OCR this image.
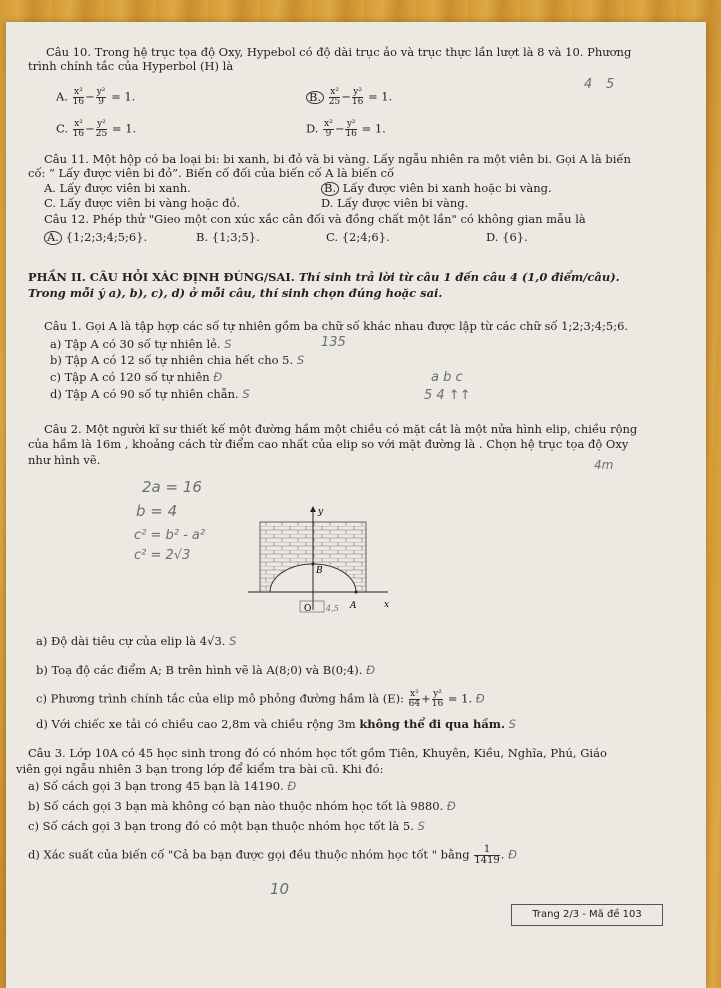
Câu 10. Trong hệ trục tọa độ Oxy, Hypebol có độ dài trục ảo và trục thực lần lượt là 8 và 10. Phương
trình chính tắc của Hyperbol (H) là
4 5
A. $\frac{\text{x²}}{16} - \frac{\text{y²}}{9} = 1$.	B. $\frac{\text{x²}}{25} - \frac{\text{y²}}{16} = 1$.
C. $\frac{\text{x²}}{16} - \frac{\text{y²}}{25} = 1$.	D. $\frac{\text{x²}}{9} - \frac{\text{y²}}{16} = 1$.
Câu 11. Một hộp có ba loại bi: bi xanh, bi đỏ và bi vàng. Lấy ngẫu nhiên ra một viên bi. Gọi A là biến
cố: “ Lấy được viên bi đỏ”. Biến cố đối của biến cố A là biến cố
A. Lấy được viên bi xanh.	B. Lấy được viên bi xanh hoặc bi vàng.
C. Lấy được viên bi vàng hoặc đỏ.	D. Lấy được viên bi vàng.
Câu 12. Phép thử "Gieo một con xúc xắc cân đối và đồng chất một lần" có không gian mẫu là
A. {1;2;3;4;5;6}.	B. {1;3;5}.	C. {2;4;6}.	D. {6}.
PHẦN II. CÂU HỎI XÁC ĐỊNH ĐÚNG/SAI. Thí sinh trả lời từ câu 1 đến câu 4 (1,0 điểm/câu).
Trong mỗi ý a), b), c), d) ở mỗi câu, thí sinh chọn đúng hoặc sai.
Câu 1. Gọi A là tập hợp các số tự nhiên gồm ba chữ số khác nhau được lập từ các chữ số 1;2;3;4;5;6.
a) Tập A có 30 số tự nhiên lẻ. S	135
b) Tập A có 12 số tự nhiên chia hết cho 5. S
c) Tập A có 120 số tự nhiên Đ	a b c
d) Tập A có 90 số tự nhiên chẵn. S	5 4 ↑↑
Câu 2. Một người kĩ sư thiết kế một đường hầm một chiều có mặt cắt là một nửa hình elip, chiều rộng
của hầm là 16m , khoảng cách từ điểm cao nhất của elip so với mặt đường là . Chọn hệ trục tọa độ Oxy
như hình vẽ.	4m
2a = 16
b = 4
c² = b² - a²
c² = 2√3
y
x
O	A
B
4,5
a) Độ dài tiêu cự của elip là 4√3. S
b) Toạ độ các điểm A; B trên hình vẽ là A(8;0) và B(0;4). Đ
c) Phương trình chính tắc của elip mô phỏng đường hầm là (E): $\frac{\text{x²}}{64} + \frac{\text{y²}}{16} = 1$. Đ
d) Với chiếc xe tải có chiều cao 2,8m và chiều rộng 3m không thể đi qua hầm. S
Câu 3. Lớp 10A có 45 học sinh trong đó có nhóm học tốt gồm Tiên, Khuyên, Kiều, Nghĩa, Phú, Giáo
viên gọi ngẫu nhiên 3 bạn trong lớp để kiểm tra bài cũ. Khi đó:
a) Số cách gọi 3 bạn trong 45 bạn là 14190. Đ
b) Số cách gọi 3 bạn mà không có bạn nào thuộc nhóm học tốt là 9880. Đ
c) Số cách gọi 3 bạn trong đó có một bạn thuộc nhóm học tốt là 5. S
d) Xác suất của biến cố "Cả ba bạn được gọi đều thuộc nhóm học tốt " bằng $\frac{1}{1419}$ . Đ
10
Trang 2/3 - Mã đề 103
